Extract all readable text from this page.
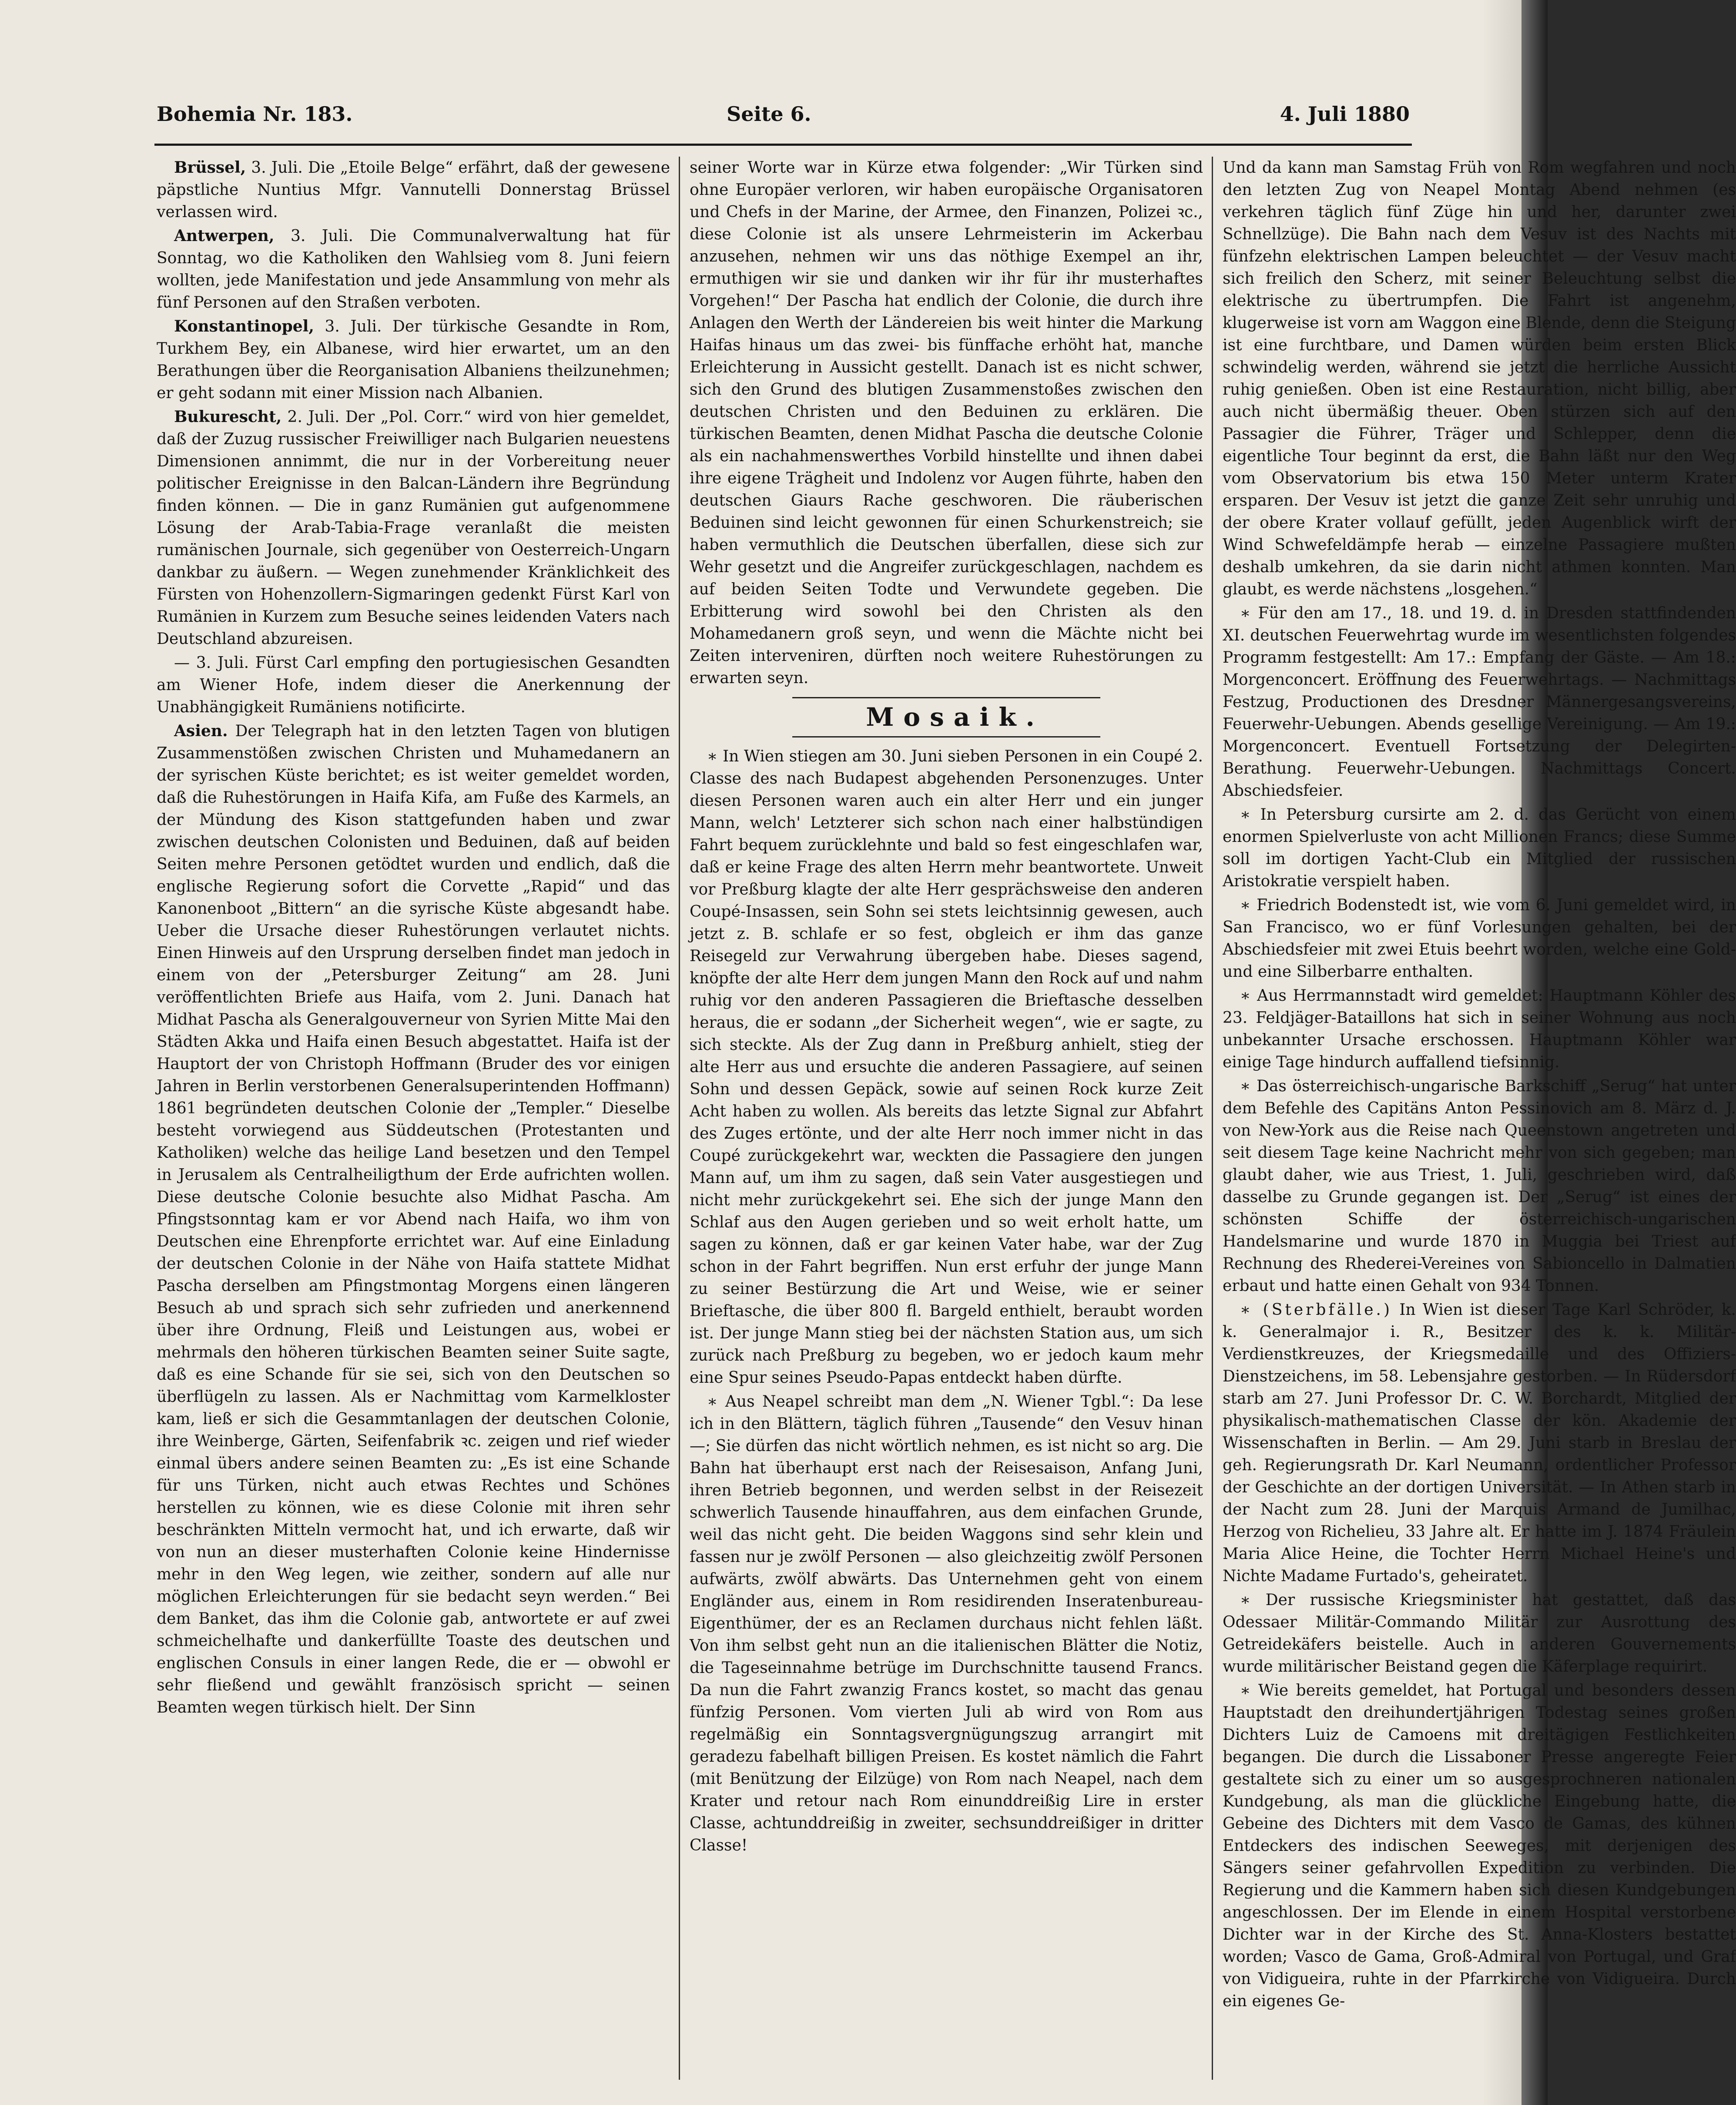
Bohemia Nr. 183.	Seite 6.	4. Juli 1880

Brüssel, 3. Juli. Die „Etoile Belge“ erfährt, daß der gewesene päpstliche Nuntius Mfgr. Vannutelli Donnerstag Brüssel verlassen wird.

Antwerpen, 3. Juli. Die Communalverwaltung hat für Sonntag, wo die Katholiken den Wahlsieg vom 8. Juni feiern wollten, jede Manifestation und jede Ansammlung von mehr als fünf Personen auf den Straßen verboten.

Konstantinopel, 3. Juli. Der türkische Gesandte in Rom, Turkhem Bey, ein Albanese, wird hier erwartet, um an den Berathungen über die Reorganisation Albaniens theilzunehmen; er geht sodann mit einer Mission nach Albanien.

Bukurescht, 2. Juli. Der „Pol. Corr.“ wird von hier gemeldet, daß der Zuzug russischer Freiwilliger nach Bulgarien neuestens Dimensionen annimmt, die nur in der Vorbereitung neuer politischer Ereignisse in den Balcan-Ländern ihre Begründung finden können. — Die in ganz Rumänien gut aufgenommene Lösung der Arab-Tabia-Frage veranlaßt die meisten rumänischen Journale, sich gegenüber von Oesterreich-Ungarn dankbar zu äußern. — Wegen zunehmender Kränklichkeit des Fürsten von Hohenzollern-Sigmaringen gedenkt Fürst Karl von Rumänien in Kurzem zum Besuche seines leidenden Vaters nach Deutschland abzureisen.

— 3. Juli. Fürst Carl empfing den portugiesischen Gesandten am Wiener Hofe, indem dieser die Anerkennung der Unabhängigkeit Rumäniens notificirte.

Asien. Der Telegraph hat in den letzten Tagen von blutigen Zusammenstößen zwischen Christen und Muhamedanern an der syrischen Küste berichtet; es ist weiter gemeldet worden, daß die Ruhestörungen in Haifa Kifa, am Fuße des Karmels, an der Mündung des Kison stattgefunden haben und zwar zwischen deutschen Colonisten und Beduinen, daß auf beiden Seiten mehre Personen getödtet wurden und endlich, daß die englische Regierung sofort die Corvette „Rapid“ und das Kanonenboot „Bittern“ an die syrische Küste abgesandt habe. Ueber die Ursache dieser Ruhestörungen verlautet nichts. Einen Hinweis auf den Ursprung derselben findet man jedoch in einem von der „Petersburger Zeitung“ am 28. Juni veröffentlichten Briefe aus Haifa, vom 2. Juni. Danach hat Midhat Pascha als Generalgouverneur von Syrien Mitte Mai den Städten Akka und Haifa einen Besuch abgestattet. Haifa ist der Hauptort der von Christoph Hoffmann (Bruder des vor einigen Jahren in Berlin verstorbenen Generalsuperintenden Hoffmann) 1861 begründeten deutschen Colonie der „Templer.“ Dieselbe besteht vorwiegend aus Süddeutschen (Protestanten und Katholiken) welche das heilige Land besetzen und den Tempel in Jerusalem als Centralheiligthum der Erde aufrichten wollen. Diese deutsche Colonie besuchte also Midhat Pascha. Am Pfingstsonntag kam er vor Abend nach Haifa, wo ihm von Deutschen eine Ehrenpforte errichtet war. Auf eine Einladung der deutschen Colonie in der Nähe von Haifa stattete Midhat Pascha derselben am Pfingstmontag Morgens einen längeren Besuch ab und sprach sich sehr zufrieden und anerkennend über ihre Ordnung, Fleiß und Leistungen aus, wobei er mehrmals den höheren türkischen Beamten seiner Suite sagte, daß es eine Schande für sie sei, sich von den Deutschen so überflügeln zu lassen. Als er Nachmittag vom Karmelkloster kam, ließ er sich die Gesammtanlagen der deutschen Colonie, ihre Weinberge, Gärten, Seifenfabrik ꝛc. zeigen und rief wieder einmal übers andere seinen Beamten zu: „Es ist eine Schande für uns Türken, nicht auch etwas Rechtes und Schönes herstellen zu können, wie es diese Colonie mit ihren sehr beschränkten Mitteln vermocht hat, und ich erwarte, daß wir von nun an dieser musterhaften Colonie keine Hindernisse mehr in den Weg legen, wie zeither, sondern auf alle nur möglichen Erleichterungen für sie bedacht seyn werden.“ Bei dem Banket, das ihm die Colonie gab, antwortete er auf zwei schmeichelhafte und dankerfüllte Toaste des deutschen und englischen Consuls in einer langen Rede, die er — obwohl er sehr fließend und gewählt französisch spricht — seinen Beamten wegen türkisch hielt. Der Sinn

seiner Worte war in Kürze etwa folgender: „Wir Türken sind ohne Europäer verloren, wir haben europäische Organisatoren und Chefs in der Marine, der Armee, den Finanzen, Polizei ꝛc., diese Colonie ist als unsere Lehrmeisterin im Ackerbau anzusehen, nehmen wir uns das nöthige Exempel an ihr, ermuthigen wir sie und danken wir ihr für ihr musterhaftes Vorgehen!“ Der Pascha hat endlich der Colonie, die durch ihre Anlagen den Werth der Ländereien bis weit hinter die Markung Haifas hinaus um das zwei- bis fünffache erhöht hat, manche Erleichterung in Aussicht gestellt. Danach ist es nicht schwer, sich den Grund des blutigen Zusammenstoßes zwischen den deutschen Christen und den Beduinen zu erklären. Die türkischen Beamten, denen Midhat Pascha die deutsche Colonie als ein nachahmenswerthes Vorbild hinstellte und ihnen dabei ihre eigene Trägheit und Indolenz vor Augen führte, haben den deutschen Giaurs Rache geschworen. Die räuberischen Beduinen sind leicht gewonnen für einen Schurkenstreich; sie haben vermuthlich die Deutschen überfallen, diese sich zur Wehr gesetzt und die Angreifer zurückgeschlagen, nachdem es auf beiden Seiten Todte und Verwundete gegeben. Die Erbitterung wird sowohl bei den Christen als den Mohamedanern groß seyn, und wenn die Mächte nicht bei Zeiten interveniren, dürften noch weitere Ruhestörungen zu erwarten seyn.

Mosaik.

∗ In Wien stiegen am 30. Juni sieben Personen in ein Coupé 2. Classe des nach Budapest abgehenden Personenzuges. Unter diesen Personen waren auch ein alter Herr und ein junger Mann, welch' Letzterer sich schon nach einer halbstündigen Fahrt bequem zurücklehnte und bald so fest eingeschlafen war, daß er keine Frage des alten Herrn mehr beantwortete. Unweit vor Preßburg klagte der alte Herr gesprächsweise den anderen Coupé-Insassen, sein Sohn sei stets leichtsinnig gewesen, auch jetzt z. B. schlafe er so fest, obgleich er ihm das ganze Reisegeld zur Verwahrung übergeben habe. Dieses sagend, knöpfte der alte Herr dem jungen Mann den Rock auf und nahm ruhig vor den anderen Passagieren die Brieftasche desselben heraus, die er sodann „der Sicherheit wegen“, wie er sagte, zu sich steckte. Als der Zug dann in Preßburg anhielt, stieg der alte Herr aus und ersuchte die anderen Passagiere, auf seinen Sohn und dessen Gepäck, sowie auf seinen Rock kurze Zeit Acht haben zu wollen. Als bereits das letzte Signal zur Abfahrt des Zuges ertönte, und der alte Herr noch immer nicht in das Coupé zurückgekehrt war, weckten die Passagiere den jungen Mann auf, um ihm zu sagen, daß sein Vater ausgestiegen und nicht mehr zurückgekehrt sei. Ehe sich der junge Mann den Schlaf aus den Augen gerieben und so weit erholt hatte, um sagen zu können, daß er gar keinen Vater habe, war der Zug schon in der Fahrt begriffen. Nun erst erfuhr der junge Mann zu seiner Bestürzung die Art und Weise, wie er seiner Brieftasche, die über 800 fl. Bargeld enthielt, beraubt worden ist. Der junge Mann stieg bei der nächsten Station aus, um sich zurück nach Preßburg zu begeben, wo er jedoch kaum mehr eine Spur seines Pseudo-Papas entdeckt haben dürfte.

∗ Aus Neapel schreibt man dem „N. Wiener Tgbl.“: Da lese ich in den Blättern, täglich führen „Tausende“ den Vesuv hinan —; Sie dürfen das nicht wörtlich nehmen, es ist nicht so arg. Die Bahn hat überhaupt erst nach der Reisesaison, Anfang Juni, ihren Betrieb begonnen, und werden selbst in der Reisezeit schwerlich Tausende hinauffahren, aus dem einfachen Grunde, weil das nicht geht. Die beiden Waggons sind sehr klein und fassen nur je zwölf Personen — also gleichzeitig zwölf Personen aufwärts, zwölf abwärts. Das Unternehmen geht von einem Engländer aus, einem in Rom residirenden Inseratenbureau-Eigenthümer, der es an Reclamen durchaus nicht fehlen läßt. Von ihm selbst geht nun an die italienischen Blätter die Notiz, die Tageseinnahme betrüge im Durchschnitte tausend Francs. Da nun die Fahrt zwanzig Francs kostet, so macht das genau fünfzig Personen. Vom vierten Juli ab wird von Rom aus regelmäßig ein Sonntagsvergnügungszug arrangirt mit geradezu fabelhaft billigen Preisen. Es kostet nämlich die Fahrt (mit Benützung der Eilzüge) von Rom nach Neapel, nach dem Krater und retour nach Rom einunddreißig Lire in erster Classe, achtunddreißig in zweiter, sechsunddreißiger in dritter Classe!

Und da kann man Samstag Früh von Rom wegfahren und noch den letzten Zug von Neapel Montag Abend nehmen (es verkehren täglich fünf Züge hin und her, darunter zwei Schnellzüge). Die Bahn nach dem Vesuv ist des Nachts mit fünfzehn elektrischen Lampen beleuchtet — der Vesuv macht sich freilich den Scherz, mit seiner Beleuchtung selbst die elektrische zu übertrumpfen. Die Fahrt ist angenehm, klugerweise ist vorn am Waggon eine Blende, denn die Steigung ist eine furchtbare, und Damen würden beim ersten Blick schwindelig werden, während sie jetzt die herrliche Aussicht ruhig genießen. Oben ist eine Restauration, nicht billig, aber auch nicht übermäßig theuer. Oben stürzen sich auf den Passagier die Führer, Träger und Schlepper, denn die eigentliche Tour beginnt da erst, die Bahn läßt nur den Weg vom Observatorium bis etwa 150 Meter unterm Krater ersparen. Der Vesuv ist jetzt die ganze Zeit sehr unruhig und der obere Krater vollauf gefüllt, jeden Augenblick wirft der Wind Schwefeldämpfe herab — einzelne Passagiere mußten deshalb umkehren, da sie darin nicht athmen konnten. Man glaubt, es werde nächstens „losgehen.“

∗ Für den am 17., 18. und 19. d. in Dresden stattfindenden XI. deutschen Feuerwehrtag wurde im wesentlichsten folgendes Programm festgestellt: Am 17.: Empfang der Gäste. — Am 18.: Morgenconcert. Eröffnung des Feuerwehrtags. — Nachmittags Festzug, Productionen des Dresdner Männergesangsvereins, Feuerwehr-Uebungen. Abends gesellige Vereinigung. — Am 19.: Morgenconcert. Eventuell Fortsetzung der Delegirten-Berathung. Feuerwehr-Uebungen. Nachmittags Concert. Abschiedsfeier.

∗ In Petersburg cursirte am 2. d. das Gerücht von einem enormen Spielverluste von acht Millionen Francs; diese Summe soll im dortigen Yacht-Club ein Mitglied der russischen Aristokratie verspielt haben.

∗ Friedrich Bodenstedt ist, wie vom 6. Juni gemeldet wird, in San Francisco, wo er fünf Vorlesungen gehalten, bei der Abschiedsfeier mit zwei Etuis beehrt worden, welche eine Gold- und eine Silberbarre enthalten.

∗ Aus Herrmannstadt wird gemeldet: Hauptmann Köhler des 23. Feldjäger-Bataillons hat sich in seiner Wohnung aus noch unbekannter Ursache erschossen. Hauptmann Köhler war einige Tage hindurch auffallend tiefsinnig.

∗ Das österreichisch-ungarische Barkschiff „Serug“ hat unter dem Befehle des Capitäns Anton Pessinovich am 8. März d. J. von New-York aus die Reise nach Queenstown angetreten und seit diesem Tage keine Nachricht mehr von sich gegeben; man glaubt daher, wie aus Triest, 1. Juli, geschrieben wird, daß dasselbe zu Grunde gegangen ist. Der „Serug“ ist eines der schönsten Schiffe der österreichisch-ungarischen Handelsmarine und wurde 1870 in Muggia bei Triest auf Rechnung des Rhederei-Vereines von Sabioncello in Dalmatien erbaut und hatte einen Gehalt von 934 Tonnen.

∗ (Sterbfälle.) In Wien ist dieser Tage Karl Schröder, k. k. Generalmajor i. R., Besitzer des k. k. Militär-Verdienstkreuzes, der Kriegsmedaille und des Offiziers-Dienstzeichens, im 58. Lebensjahre gestorben. — In Rüdersdorf starb am 27. Juni Professor Dr. C. W. Borchardt, Mitglied der physikalisch-mathematischen Classe der kön. Akademie der Wissenschaften in Berlin. — Am 29. Juni starb in Breslau der geh. Regierungsrath Dr. Karl Neumann, ordentlicher Professor der Geschichte an der dortigen Universität. — In Athen starb in der Nacht zum 28. Juni der Marquis Armand de Jumilhac, Herzog von Richelieu, 33 Jahre alt. Er hatte im J. 1874 Fräulein Maria Alice Heine, die Tochter Herrn Michael Heine's und Nichte Madame Furtado's, geheiratet.

∗ Der russische Kriegsminister hat gestattet, daß das Odessaer Militär-Commando Militär zur Ausrottung des Getreidekäfers beistelle. Auch in anderen Gouvernements wurde militärischer Beistand gegen die Käferplage requirirt.

∗ Wie bereits gemeldet, hat Portugal und besonders dessen Hauptstadt den dreihundertjährigen Todestag seines großen Dichters Luiz de Camoens mit dreitägigen Festlichkeiten begangen. Die durch die Lissaboner Presse angeregte Feier gestaltete sich zu einer um so ausgesprochneren nationalen Kundgebung, als man die glückliche Eingebung hatte, die Gebeine des Dichters mit dem Vasco de Gamas, des kühnen Entdeckers des indischen Seeweges, mit derjenigen des Sängers seiner gefahrvollen Expedition zu verbinden. Die Regierung und die Kammern haben sich diesen Kundgebungen angeschlossen. Der im Elende in einem Hospital verstorbene Dichter war in der Kirche des St. Anna-Klosters bestattet worden; Vasco de Gama, Groß-Admiral von Portugal, und Graf von Vidigueira, ruhte in der Pfarrkirche von Vidigueira. Durch ein eigenes Ge-
